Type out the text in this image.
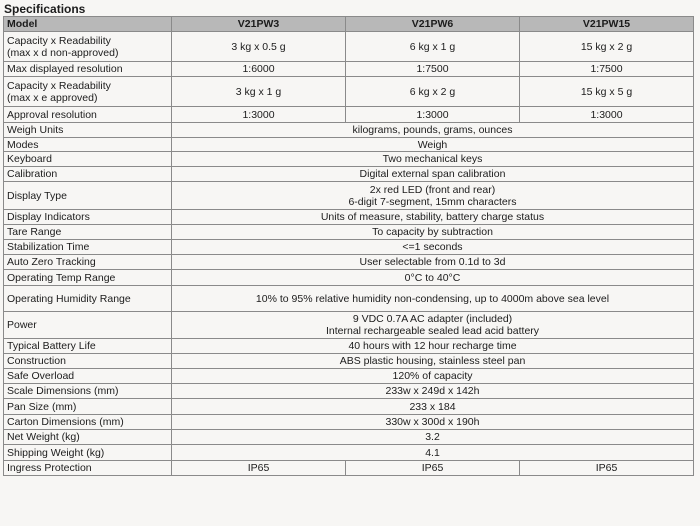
Specifications
Model	V21PW3	V21PW6	V21PW15

Capacity x Readability
(max x d non-approved)	3 kg x 0.5 g	6 kg x 1 g	15 kg x 2 g

Max displayed resolution	1:6000	1:7500	1:7500

Capacity x Readability
(max x e approved)	3 kg x 1 g	6 kg x 2 g	15 kg x 5 g

Approval resolution	1:3000	1:3000	1:3000

Weigh Units	kilograms, pounds, grams, ounces		

Modes	Weigh		

Keyboard	Two mechanical keys		

Calibration	Digital external span calibration		

Display Type	2x red LED (front and rear)
6-digit 7-segment, 15mm characters		

Display Indicators	Units of measure, stability, battery charge status		

Tare Range	To capacity by subtraction		

Stabilization Time	<=1 seconds		

Auto Zero Tracking	User selectable from 0.1d to 3d		

Operating Temp Range	0°C to 40°C		

Operating Humidity Range	10% to 95% relative humidity non-condensing, up to 4000m above sea level		

Power	9 VDC 0.7A AC adapter (included)
Internal rechargeable sealed lead acid battery		

Typical Battery Life	40 hours with 12 hour recharge time		

Construction	ABS plastic housing, stainless steel pan		

Safe Overload	120% of capacity		

Scale Dimensions (mm)	233w x 249d x 142h		

Pan Size (mm)	233 x 184		

Carton Dimensions (mm)	330w x 300d x 190h		

Net Weight (kg)	3.2		

Shipping Weight (kg)	4.1		

Ingress Protection	IP65	IP65	IP65
